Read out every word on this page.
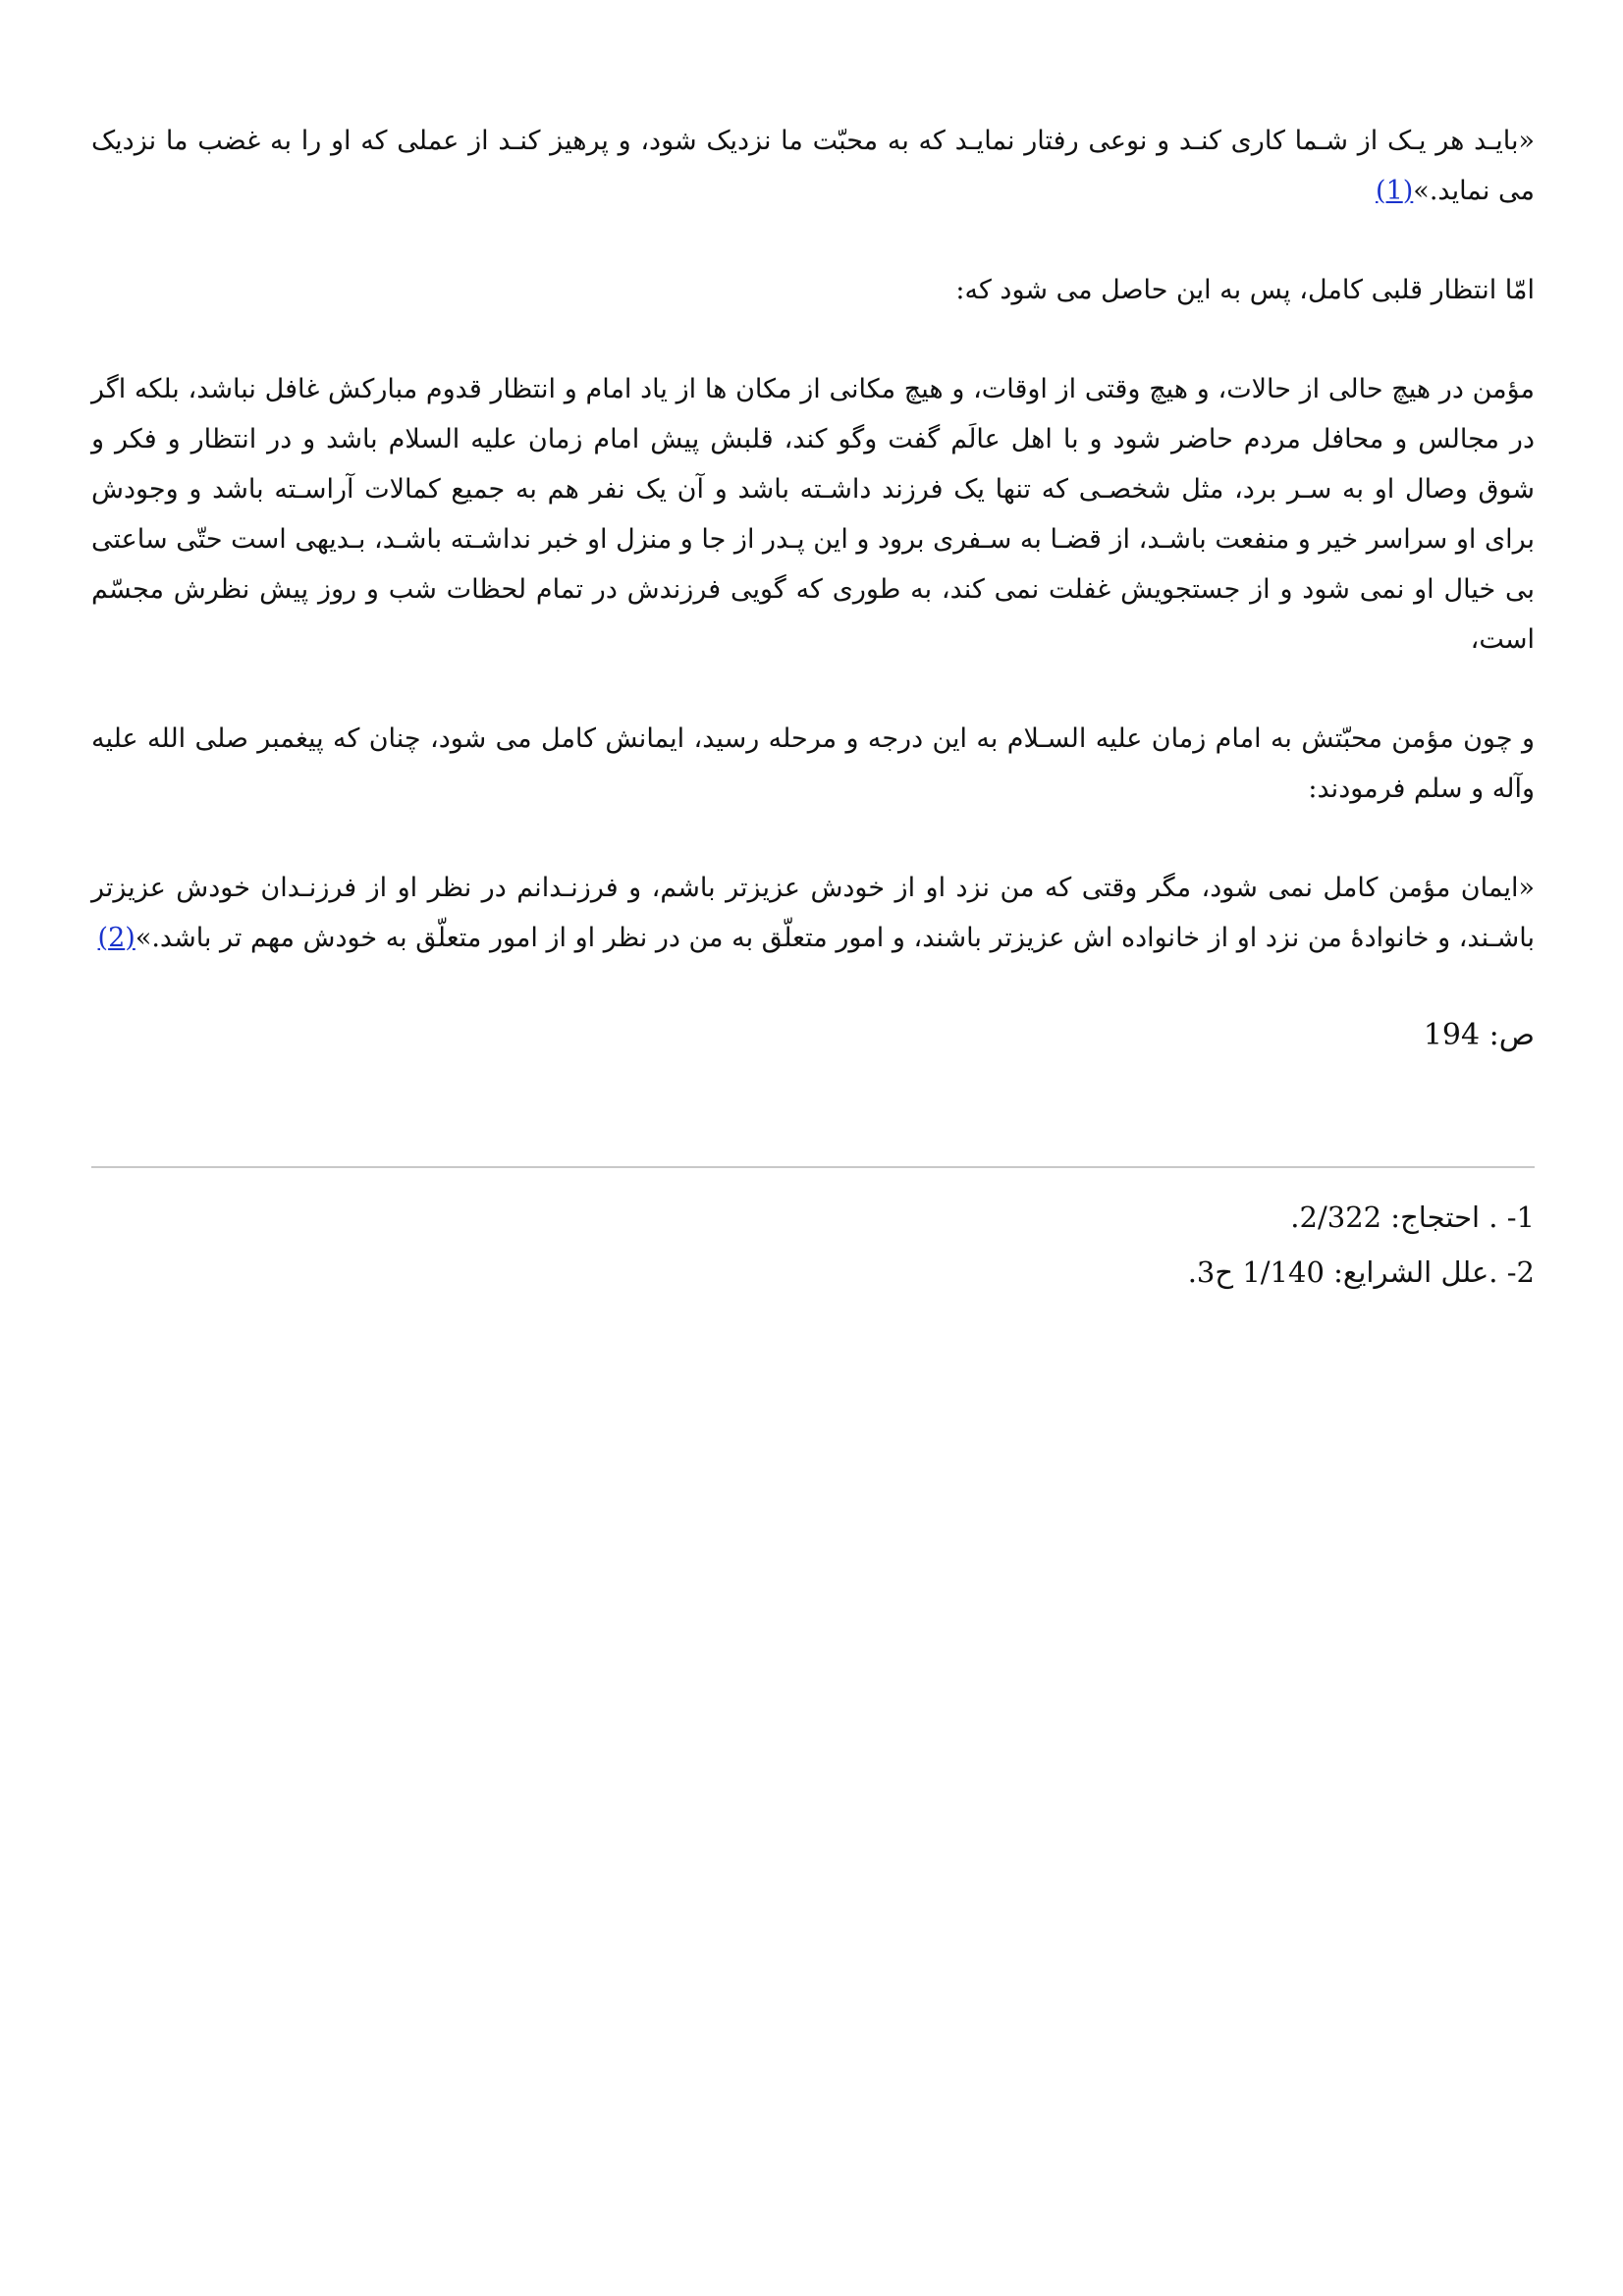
«بایـد هر یـک از شـما کاری کنـد و نوعی رفتار نمایـد که به محبّت ما نزدیک شود، و پرهیز کنـد از عملی که او را به غضب ما نزدیک می نماید.»(1)

امّا انتظار قلبی کامل، پس به این حاصل می شود که:

مؤمن در هیچ حالی از حالات، و هیچ وقتی از اوقات، و هیچ مکانی از مکان ها از یاد امام و انتظار قدوم مبارکش غافل نباشد، بلکه اگر در مجالس و محافل مردم حاضر شود و با اهل عالَم گفت وگو کند، قلبش پیش امام زمان علیه السلام باشد و در انتظار و فکر و شوق وصال او به سـر برد، مثل شخصـی که تنها یک فرزند داشـته باشد و آن یک نفر هم به جمیع کمالات آراسـته باشد و وجودش برای او سراسر خیر و منفعت باشـد، از قضـا به سـفری برود و این پـدر از جا و منزل او خبر نداشـته باشـد، بـدیهی است حتّی ساعتی بی خیال او نمی شود و از جستجویش غفلت نمی کند، به طوری که گویی فرزندش در تمام لحظات شب و روز پیش نظرش مجسّم است،

و چون مؤمن محبّتش به امام زمان علیه السـلام به این درجه و مرحله رسید، ایمانش کامل می شود، چنان که پیغمبر صلی الله علیه وآله و سلم فرمودند:

«ایمان مؤمن کامل نمی شود، مگر وقتی که من نزد او از خودش عزیزتر باشم، و فرزنـدانم در نظر او از فرزنـدان خودش عزیزتر باشـند، و خانوادهٔ من نزد او از خانواده اش عزیزتر باشند، و امور متعلّق به من در نظر او از امور متعلّق به خودش مهم تر باشد.»(2)

ص: 194

1- . احتجاج: 2/322.

2- .علل الشرایع: 1/140 ح3.
